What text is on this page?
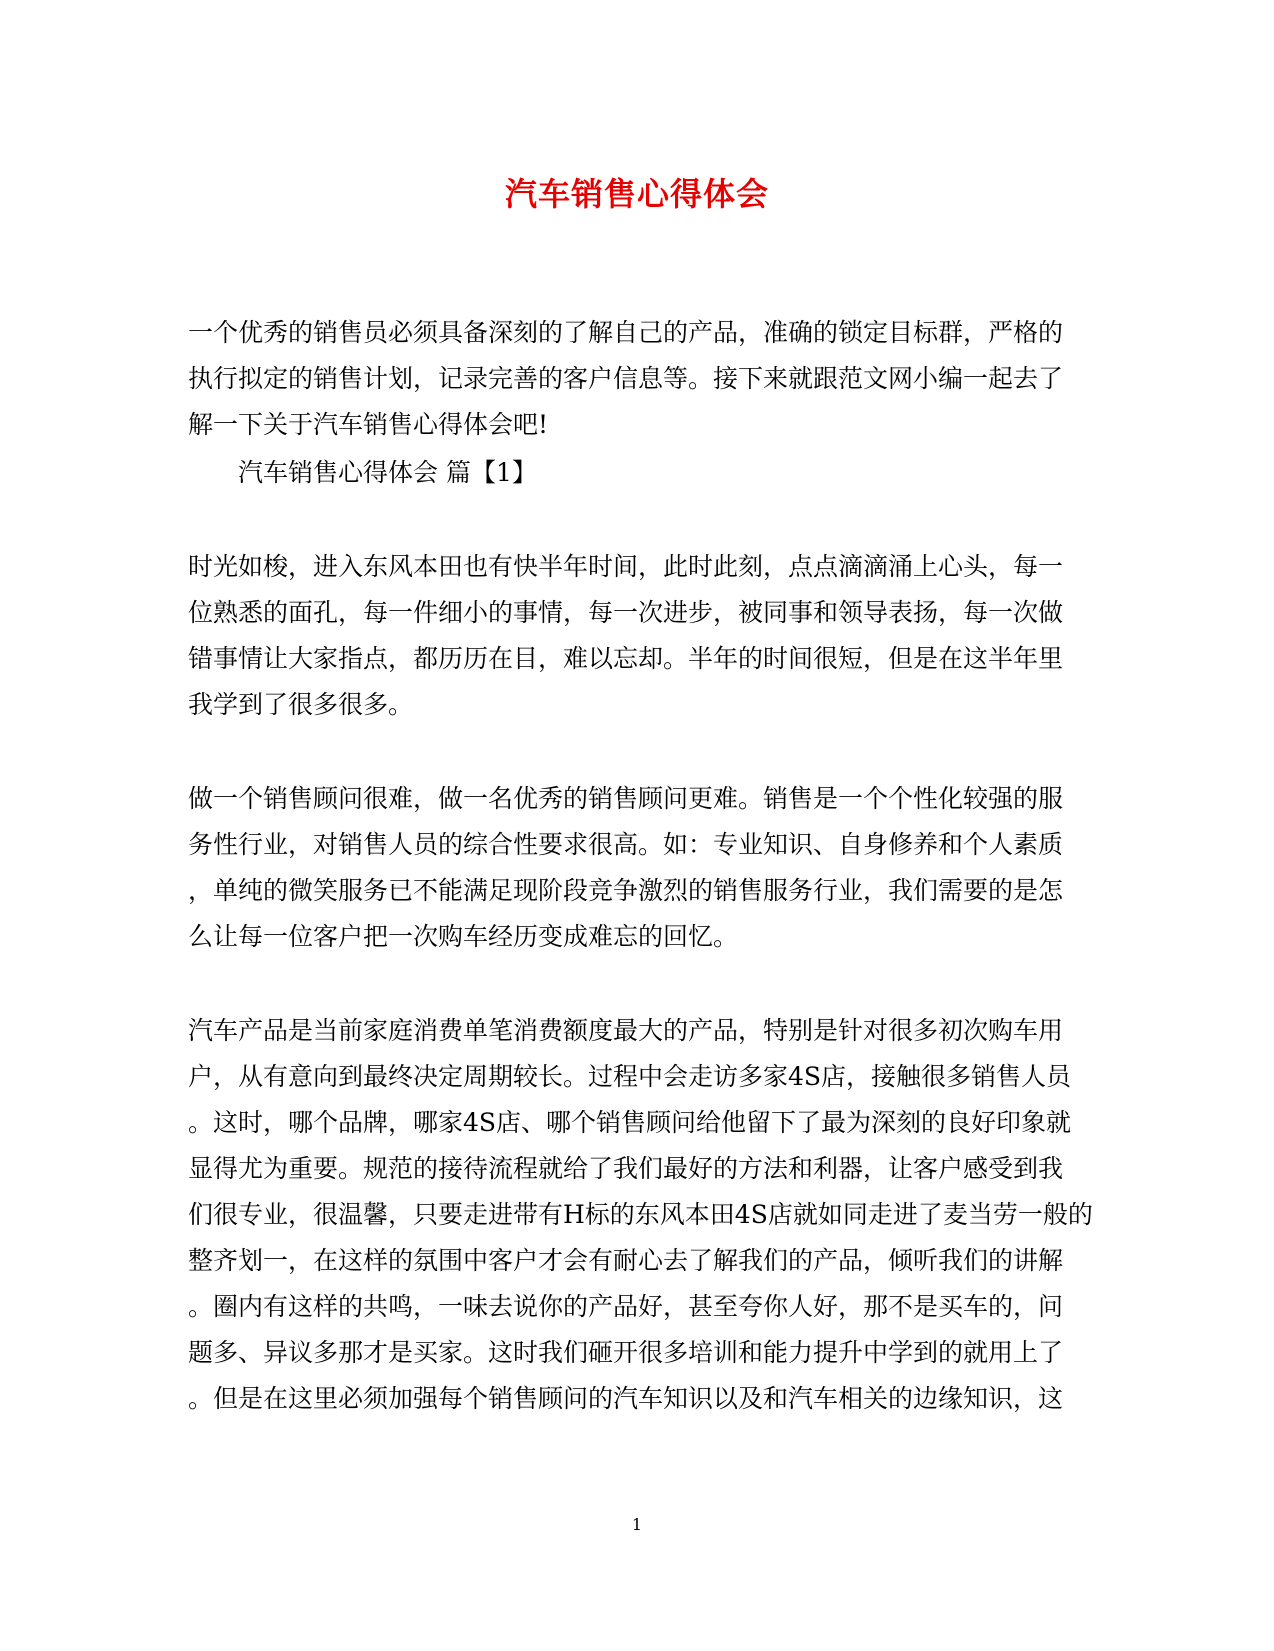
汽车销售心得体会
一个优秀的销售员必须具备深刻的了解自己的产品，准确的锁定目标群，严格的
执行拟定的销售计划，记录完善的客户信息等。接下来就跟范文网小编一起去了
解一下关于汽车销售心得体会吧!
汽车销售心得体会 篇【1】
时光如梭，进入东风本田也有快半年时间，此时此刻，点点滴滴涌上心头，每一
位熟悉的面孔，每一件细小的事情，每一次进步，被同事和领导表扬，每一次做
错事情让大家指点，都历历在目，难以忘却。半年的时间很短，但是在这半年里
我学到了很多很多。
做一个销售顾问很难，做一名优秀的销售顾问更难。销售是一个个性化较强的服
务性行业，对销售人员的综合性要求很高。如：专业知识、自身修养和个人素质
，单纯的微笑服务已不能满足现阶段竞争激烈的销售服务行业，我们需要的是怎
么让每一位客户把一次购车经历变成难忘的回忆。
汽车产品是当前家庭消费单笔消费额度最大的产品，特别是针对很多初次购车用
户，从有意向到最终决定周期较长。过程中会走访多家4S店，接触很多销售人员
。这时，哪个品牌，哪家4S店、哪个销售顾问给他留下了最为深刻的良好印象就
显得尤为重要。规范的接待流程就给了我们最好的方法和利器，让客户感受到我
们很专业，很温馨，只要走进带有H标的东风本田4S店就如同走进了麦当劳一般的
整齐划一，在这样的氛围中客户才会有耐心去了解我们的产品，倾听我们的讲解
。圈内有这样的共鸣，一味去说你的产品好，甚至夸你人好，那不是买车的，问
题多、异议多那才是买家。这时我们砸开很多培训和能力提升中学到的就用上了
。但是在这里必须加强每个销售顾问的汽车知识以及和汽车相关的边缘知识，这
1
